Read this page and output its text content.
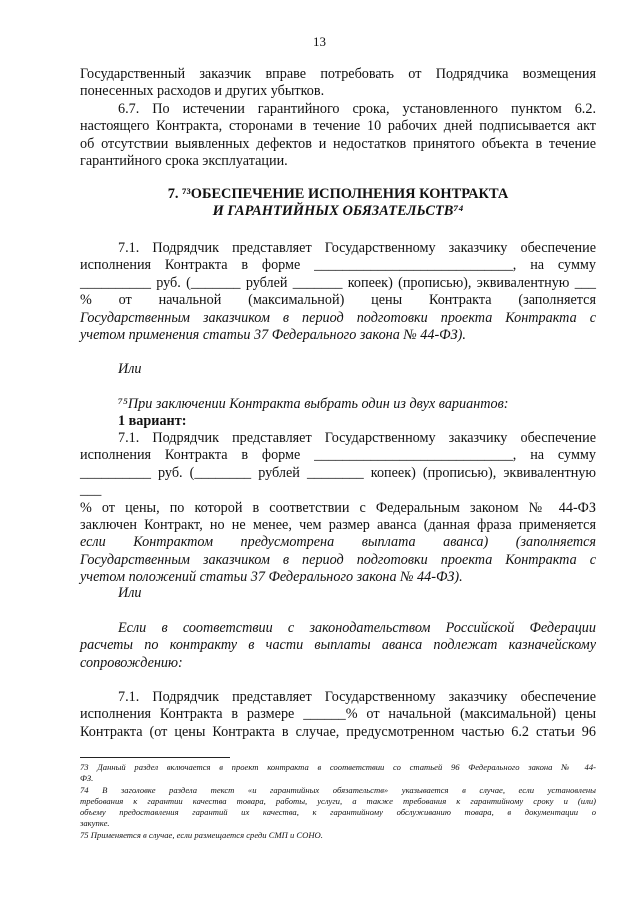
13
Государственный заказчик вправе потребовать от Подрядчика возмещения
понесенных расходов и других убытков.
6.7. По истечении гарантийного срока, установленного пунктом 6.2.
настоящего Контракта, сторонами в течение 10 рабочих дней подписывается акт
об отсутствии выявленных дефектов и недостатков принятого объекта в течение
гарантийного срока эксплуатации.
7. ⁷³ОБЕСПЕЧЕНИЕ ИСПОЛНЕНИЯ КОНТРАКТА
И ГАРАНТИЙНЫХ ОБЯЗАТЕЛЬСТВ⁷⁴
7.1. Подрядчик представляет Государственному заказчику обеспечение
исполнения Контракта в форме ____________________________, на сумму
__________ руб. (_______ рублей _______ копеек) (прописью), эквивалентную ___
% от начальной (максимальной) цены Контракта (заполняется
Государственным заказчиком в период подготовки проекта Контракта с
учетом применения статьи 37 Федерального закона № 44-ФЗ).
Или
⁷⁵При заключении Контракта выбрать один из двух вариантов:
1 вариант:
7.1. Подрядчик представляет Государственному заказчику обеспечение
исполнения Контракта в форме ____________________________, на сумму
__________ руб. (________ рублей ________ копеек) (прописью), эквивалентную ___
% от цены, по которой в соответствии с Федеральным законом № 44-ФЗ
заключен Контракт, но не менее, чем размер аванса (данная фраза применяется
если Контрактом предусмотрена выплата аванса) (заполняется
Государственным заказчиком в период подготовки проекта Контракта с
учетом положений статьи 37 Федерального закона № 44-ФЗ).
Или
Если в соответствии с законодательством Российской Федерации
расчеты по контракту в части выплаты аванса подлежат казначейскому
сопровождению:
7.1. Подрядчик представляет Государственному заказчику обеспечение
исполнения Контракта в размере ______% от начальной (максимальной) цены
Контракта (от цены Контракта в случае, предусмотренном частью 6.2 статьи 96
73 Данный раздел включается в проект контракта в соответствии со статьей 96 Федерального закона № 44-
ФЗ.
74 В заголовке раздела текст «и гарантийных обязательств» указывается в случае, если установлены
требования к гарантии качества товара, работы, услуги, а также требования к гарантийному сроку и (или)
объему предоставления гарантий их качества, к гарантийному обслуживанию товара, в документации о
закупке.
75 Применяется в случае, если размещается среди СМП и СОНО.
